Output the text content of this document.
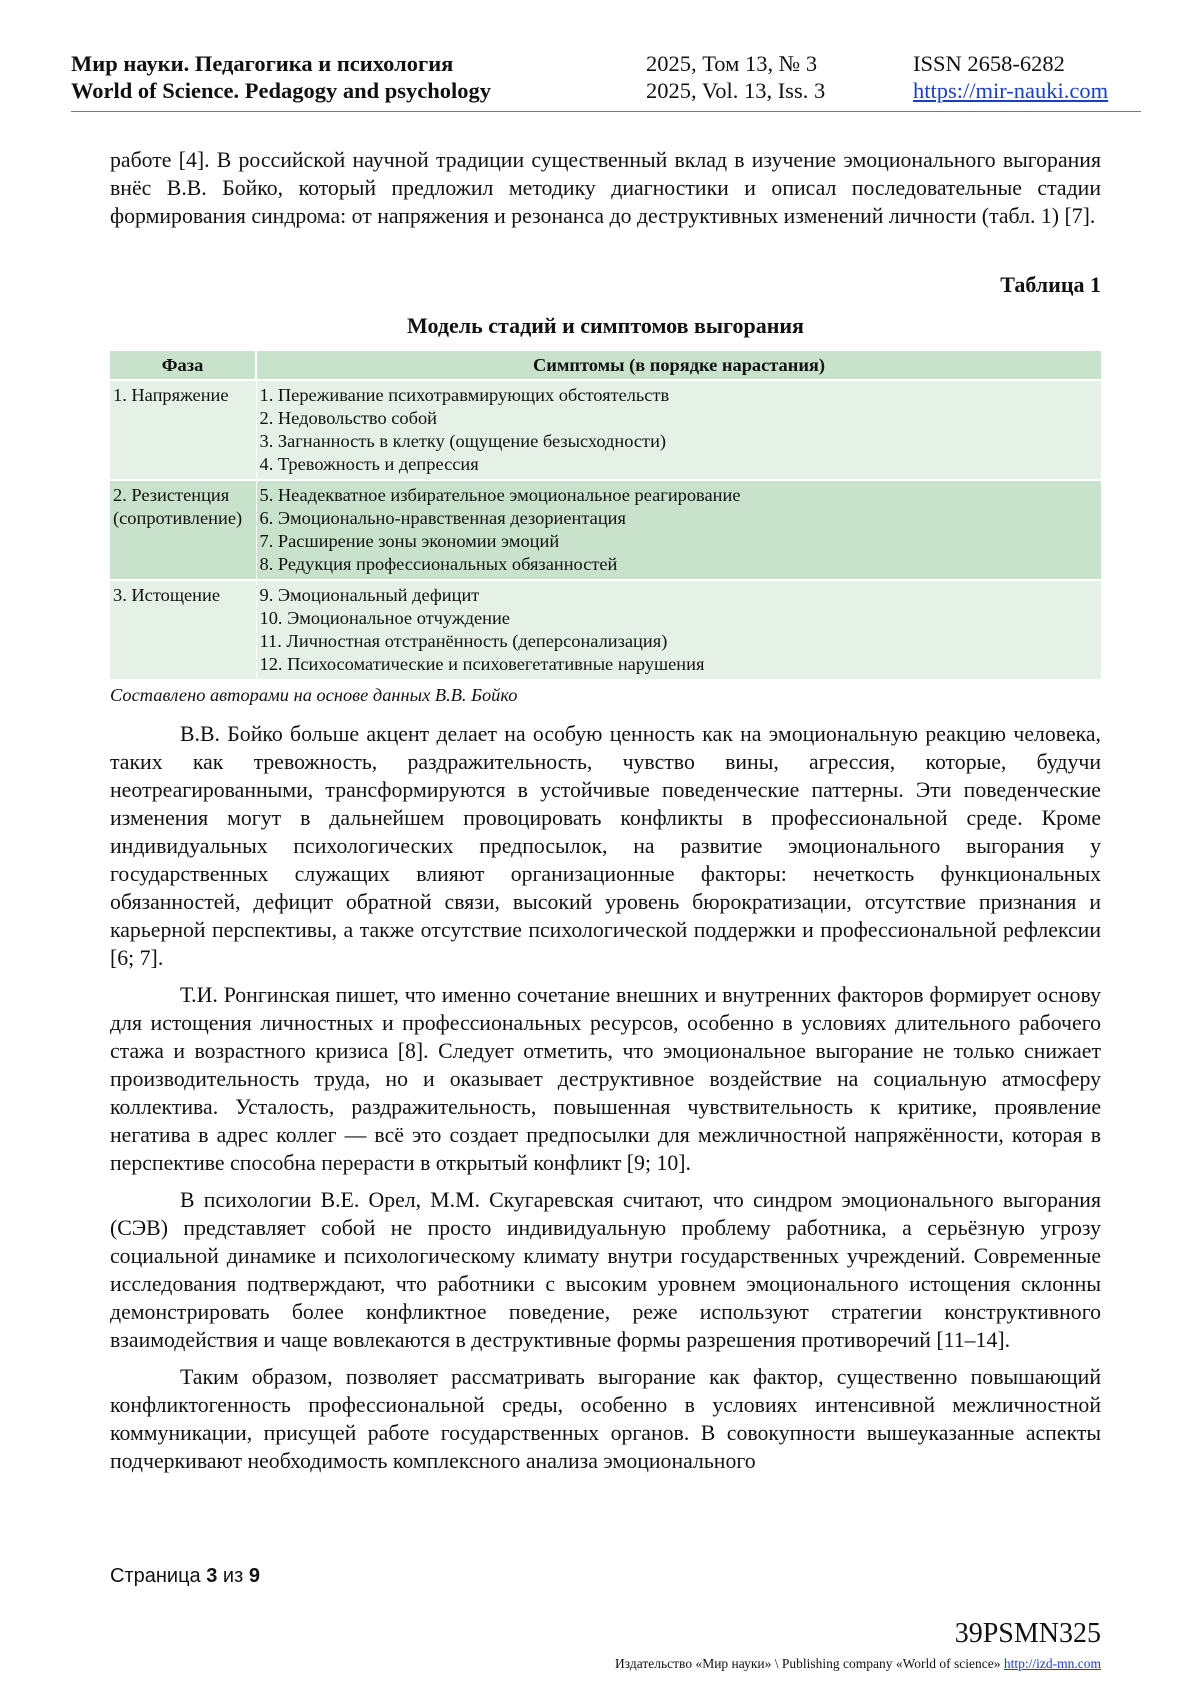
Мир науки. Педагогика и психология
World of Science. Pedagogy and psychology
2025, Том 13, № 3
2025, Vol. 13, Iss. 3
ISSN 2658-6282
https://mir-nauki.com

работе [4]. В российской научной традиции существенный вклад в изучение эмоционального выгорания внёс В.В. Бойко, который предложил методику диагностики и описал последовательные стадии формирования синдрома: от напряжения и резонанса до деструктивных изменений личности (табл. 1) [7].

Таблица 1
Модель стадий и симптомов выгорания
Фаза	Симптомы (в порядке нарастания)

1. Напряжение	1. Переживание психотравмирующих обстоятельств
2. Недовольство собой
3. Загнанность в клетку (ощущение безысходности)
4. Тревожность и депрессия

2. Резистенция
(сопротивление)	5. Неадекватное избирательное эмоциональное реагирование
6. Эмоционально-нравственная дезориентация
7. Расширение зоны экономии эмоций
8. Редукция профессиональных обязанностей

3. Истощение	9. Эмоциональный дефицит
10. Эмоциональное отчуждение
11. Личностная отстранённость (деперсонализация)
12. Психосоматические и психовегетативные нарушения
Составлено авторами на основе данных В.В. Бойко

В.В. Бойко больше акцент делает на особую ценность как на эмоциональную реакцию человека, таких как тревожность, раздражительность, чувство вины, агрессия, которые, будучи неотреагированными, трансформируются в устойчивые поведенческие паттерны. Эти поведенческие изменения могут в дальнейшем провоцировать конфликты в профессиональной среде. Кроме индивидуальных психологических предпосылок, на развитие эмоционального выгорания у государственных служащих влияют организационные факторы: нечеткость функциональных обязанностей, дефицит обратной связи, высокий уровень бюрократизации, отсутствие признания и карьерной перспективы, а также отсутствие психологической поддержки и профессиональной рефлексии [6; 7].

Т.И. Ронгинская пишет, что именно сочетание внешних и внутренних факторов формирует основу для истощения личностных и профессиональных ресурсов, особенно в условиях длительного рабочего стажа и возрастного кризиса [8]. Следует отметить, что эмоциональное выгорание не только снижает производительность труда, но и оказывает деструктивное воздействие на социальную атмосферу коллектива. Усталость, раздражительность, повышенная чувствительность к критике, проявление негатива в адрес коллег — всё это создает предпосылки для межличностной напряжённости, которая в перспективе способна перерасти в открытый конфликт [9; 10].

В психологии В.Е. Орел, М.М. Скугаревская считают, что синдром эмоционального выгорания (СЭВ) представляет собой не просто индивидуальную проблему работника, а серьёзную угрозу социальной динамике и психологическому климату внутри государственных учреждений. Современные исследования подтверждают, что работники с высоким уровнем эмоционального истощения склонны демонстрировать более конфликтное поведение, реже используют стратегии конструктивного взаимодействия и чаще вовлекаются в деструктивные формы разрешения противоречий [11–14].

Таким образом, позволяет рассматривать выгорание как фактор, существенно повышающий конфликтогенность профессиональной среды, особенно в условиях интенсивной межличностной коммуникации, присущей работе государственных органов. В совокупности вышеуказанные аспекты подчеркивают необходимость комплексного анализа эмоционального

Страница 3 из 9
39PSMN325
Издательство «Мир науки» \ Publishing company «World of science» http://izd-mn.com
